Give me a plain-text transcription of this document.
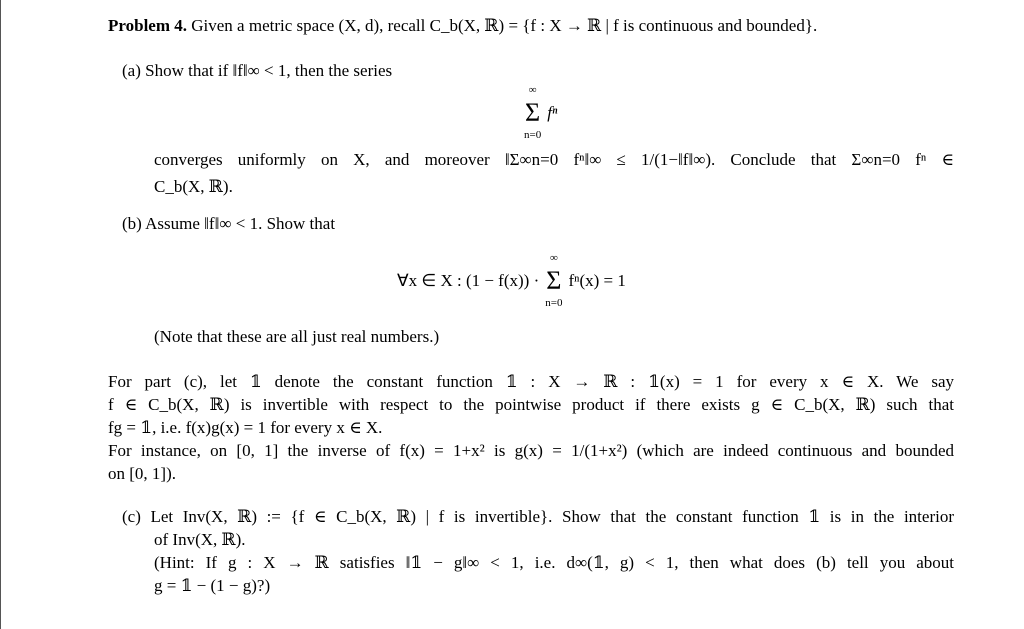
Problem 4. Given a metric space (X, d), recall C_b(X, ℝ) = {f : X → ℝ | f is continuous and bounded}.
(a) Show that if ‖f‖∞ < 1, then the series
∞
Σ
n=0
fⁿ
converges uniformly on X, and moreover ‖Σ∞n=0 fⁿ‖∞ ≤ 1/(1−‖f‖∞). Conclude that Σ∞n=0 fⁿ ∈
C_b(X, ℝ).
(b) Assume ‖f‖∞ < 1. Show that
∀x ∈ X : (1 − f(x)) ·
∞
Σ
n=0
fⁿ(x) = 1
(Note that these are all just real numbers.)
For part (c), let 𝟙 denote the constant function 𝟙 : X → ℝ : 𝟙(x) = 1 for every x ∈ X. We say
f ∈ C_b(X, ℝ) is invertible with respect to the pointwise product if there exists g ∈ C_b(X, ℝ) such that
fg = 𝟙, i.e. f(x)g(x) = 1 for every x ∈ X.
For instance, on [0, 1] the inverse of f(x) = 1+x² is g(x) = 1/(1+x²) (which are indeed continuous and bounded
on [0, 1]).
(c) Let Inv(X, ℝ) := {f ∈ C_b(X, ℝ) | f is invertible}. Show that the constant function 𝟙 is in the interior
of Inv(X, ℝ).
(Hint: If g : X → ℝ satisfies ‖𝟙 − g‖∞ < 1, i.e. d∞(𝟙, g) < 1, then what does (b) tell you about
g = 𝟙 − (1 − g)?)
